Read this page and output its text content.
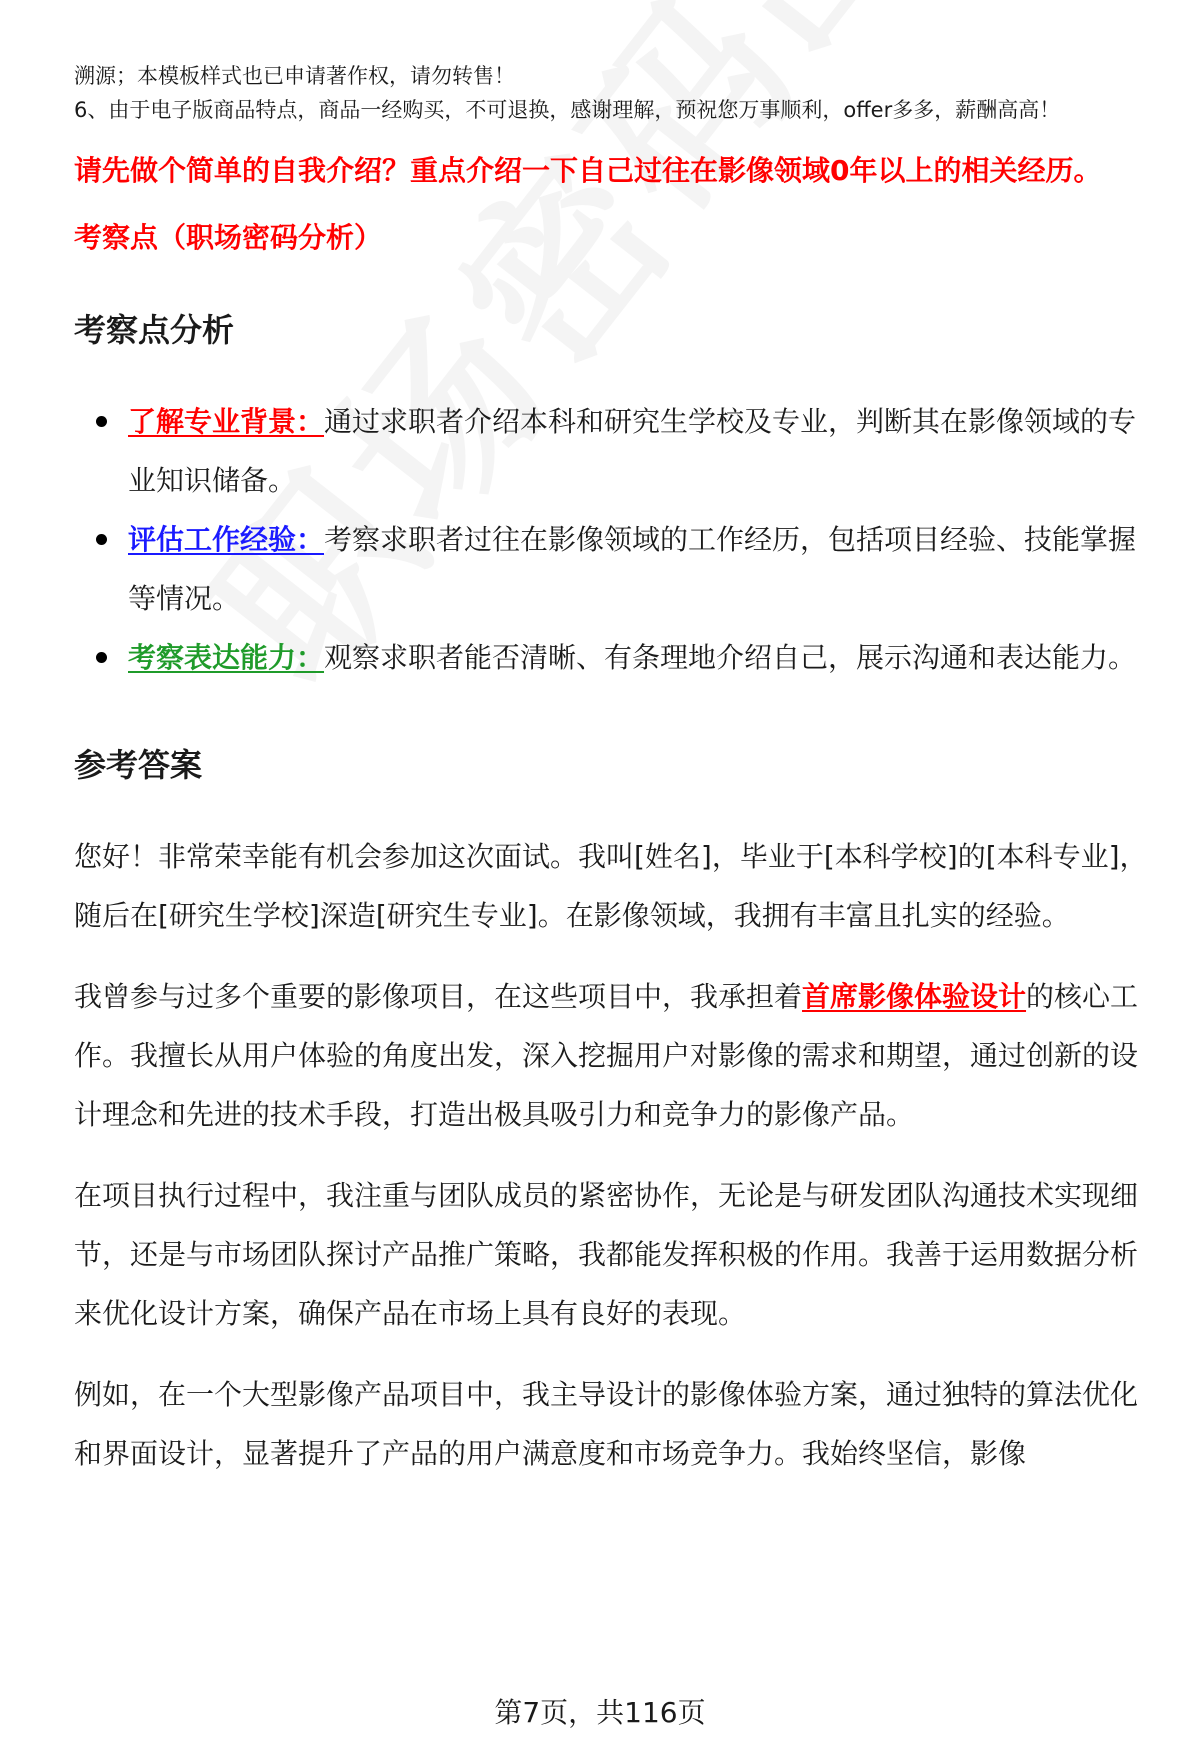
溯源；本模板样式也已申请著作权，请勿转售！

6、由于电子版商品特点，商品一经购买，不可退换，感谢理解，预祝您万事顺利，offer多多，薪酬高高！

请先做个简单的自我介绍？重点介绍一下自己过往在影像领域0年以上的相关经历。
考察点（职场密码分析）
考察点分析
了解专业背景：通过求职者介绍本科和研究生学校及专业，判断其在影像领域的专业知识储备。
评估工作经验：考察求职者过往在影像领域的工作经历，包括项目经验、技能掌握等情况。
考察表达能力：观察求职者能否清晰、有条理地介绍自己，展示沟通和表达能力。
参考答案

您好！非常荣幸能有机会参加这次面试。我叫[姓名]，毕业于[本科学校]的[本科专业]，随后在[研究生学校]深造[研究生专业]。在影像领域，我拥有丰富且扎实的经验。

我曾参与过多个重要的影像项目，在这些项目中，我承担着首席影像体验设计的核心工作。我擅长从用户体验的角度出发，深入挖掘用户对影像的需求和期望，通过创新的设计理念和先进的技术手段，打造出极具吸引力和竞争力的影像产品。

在项目执行过程中，我注重与团队成员的紧密协作，无论是与研发团队沟通技术实现细节，还是与市场团队探讨产品推广策略，我都能发挥积极的作用。我善于运用数据分析来优化设计方案，确保产品在市场上具有良好的表现。

例如，在一个大型影像产品项目中，我主导设计的影像体验方案，通过独特的算法优化和界面设计，显著提升了产品的用户满意度和市场竞争力。我始终坚信，影像

第7页，共116页
